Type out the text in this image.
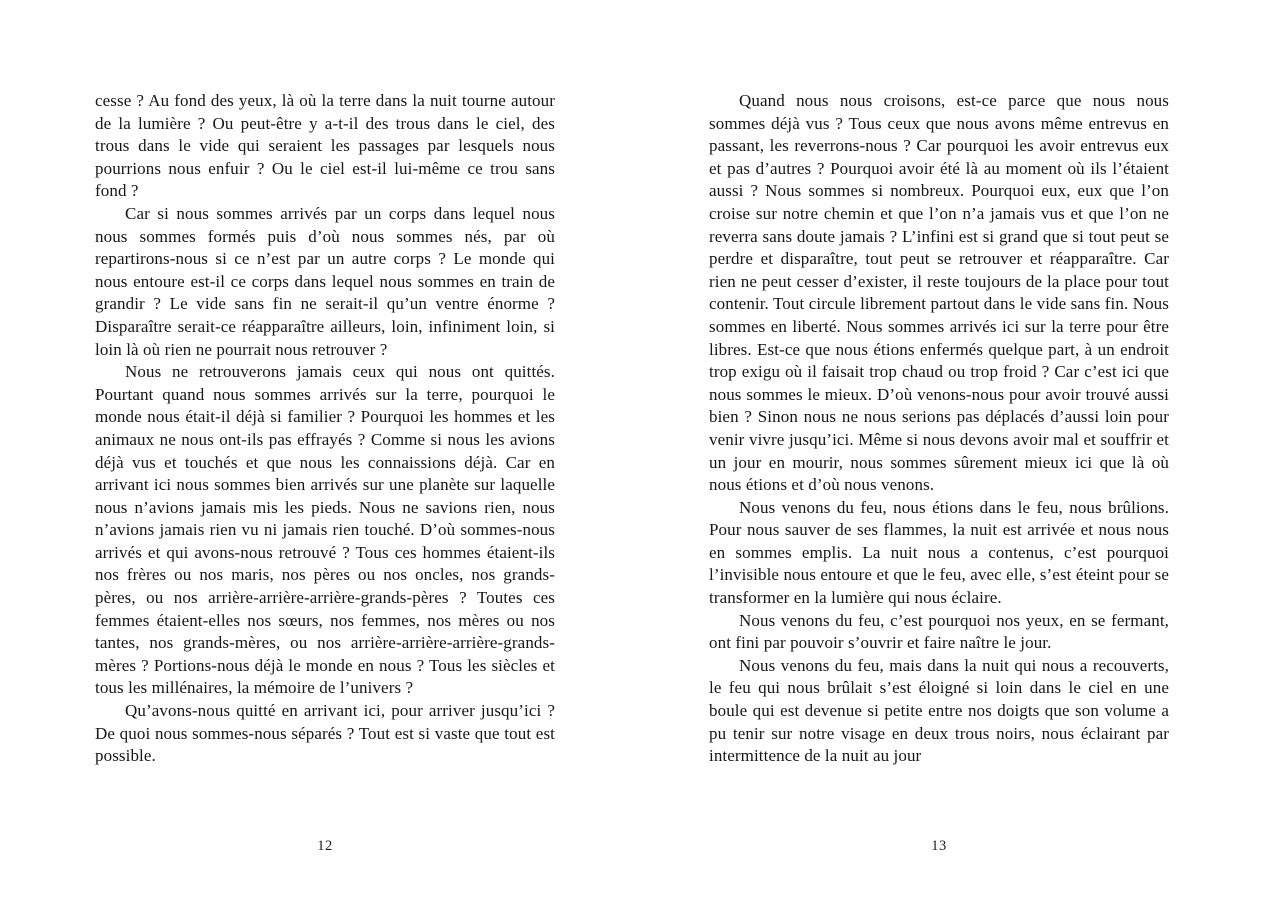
cesse ? Au fond des yeux, là où la terre dans la nuit tourne autour de la lumière ? Ou peut-être y a-t-il des trous dans le ciel, des trous dans le vide qui seraient les passages par lesquels nous pourrions nous enfuir ? Ou le ciel est-il lui-même ce trou sans fond ?

Car si nous sommes arrivés par un corps dans lequel nous nous sommes formés puis d’où nous sommes nés, par où repartirons-nous si ce n’est par un autre corps ? Le monde qui nous entoure est-il ce corps dans lequel nous sommes en train de grandir ? Le vide sans fin ne serait-il qu’un ventre énorme ? Disparaître serait-ce réapparaître ailleurs, loin, infiniment loin, si loin là où rien ne pourrait nous retrouver ?

Nous ne retrouverons jamais ceux qui nous ont quittés. Pourtant quand nous sommes arrivés sur la terre, pourquoi le monde nous était-il déjà si familier ? Pourquoi les hommes et les animaux ne nous ont-ils pas effrayés ? Comme si nous les avions déjà vus et touchés et que nous les connaissions déjà. Car en arrivant ici nous sommes bien arrivés sur une planète sur laquelle nous n’avions jamais mis les pieds. Nous ne savions rien, nous n’avions jamais rien vu ni jamais rien touché. D’où sommes-nous arrivés et qui avons-nous retrouvé ? Tous ces hommes étaient-ils nos frères ou nos maris, nos pères ou nos oncles, nos grands-pères, ou nos arrière-arrière-arrière-grands-pères ? Toutes ces femmes étaient-elles nos sœurs, nos femmes, nos mères ou nos tantes, nos grands-mères, ou nos arrière-arrière-arrière-grands-mères ? Portions-nous déjà le monde en nous ? Tous les siècles et tous les millénaires, la mémoire de l’univers ?

Qu’avons-nous quitté en arrivant ici, pour arriver jusqu’ici ? De quoi nous sommes-nous séparés ? Tout est si vaste que tout est possible.

12

Quand nous nous croisons, est-ce parce que nous nous sommes déjà vus ? Tous ceux que nous avons même entrevus en passant, les reverrons-nous ? Car pourquoi les avoir entrevus eux et pas d’autres ? Pourquoi avoir été là au moment où ils l’étaient aussi ? Nous sommes si nombreux. Pourquoi eux, eux que l’on croise sur notre chemin et que l’on n’a jamais vus et que l’on ne reverra sans doute jamais ? L’infini est si grand que si tout peut se perdre et disparaître, tout peut se retrouver et réapparaître. Car rien ne peut cesser d’exister, il reste toujours de la place pour tout contenir. Tout circule librement partout dans le vide sans fin. Nous sommes en liberté. Nous sommes arrivés ici sur la terre pour être libres. Est-ce que nous étions enfermés quelque part, à un endroit trop exigu où il faisait trop chaud ou trop froid ? Car c’est ici que nous sommes le mieux. D’où venons-nous pour avoir trouvé aussi bien ? Sinon nous ne nous serions pas déplacés d’aussi loin pour venir vivre jusqu’ici. Même si nous devons avoir mal et souffrir et un jour en mourir, nous sommes sûrement mieux ici que là où nous étions et d’où nous venons.

Nous venons du feu, nous étions dans le feu, nous brûlions. Pour nous sauver de ses flammes, la nuit est arrivée et nous nous en sommes emplis. La nuit nous a contenus, c’est pourquoi l’invisible nous entoure et que le feu, avec elle, s’est éteint pour se transformer en la lumière qui nous éclaire.

Nous venons du feu, c’est pourquoi nos yeux, en se fermant, ont fini par pouvoir s’ouvrir et faire naître le jour.

Nous venons du feu, mais dans la nuit qui nous a recouverts, le feu qui nous brûlait s’est éloigné si loin dans le ciel en une boule qui est devenue si petite entre nos doigts que son volume a pu tenir sur notre visage en deux trous noirs, nous éclairant par intermittence de la nuit au jour

13
